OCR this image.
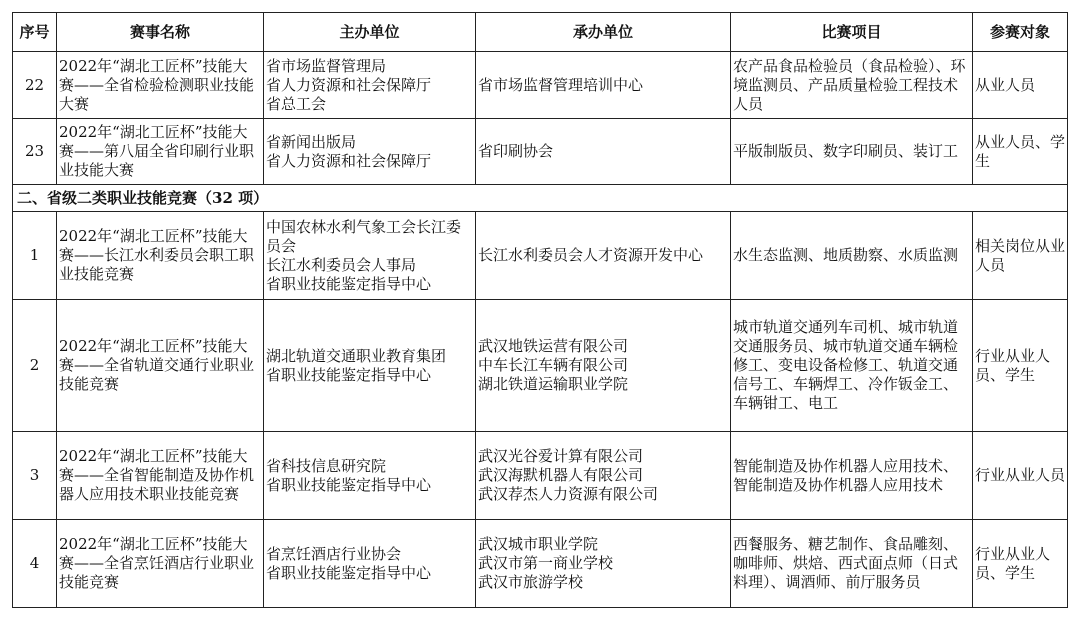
序号	赛事名称	主办单位	承办单位	比赛项目	参赛对象
22	2022年“湖北工匠杯”技能大赛——全省检验检测职业技能大赛	省市场监督管理局
省人力资源和社会保障厅
省总工会	省市场监督管理培训中心	农产品食品检验员（食品检验）、环境监测员、产品质量检验工程技术人员	从业人员
23	2022年“湖北工匠杯”技能大赛——第八届全省印刷行业职业技能大赛	省新闻出版局
省人力资源和社会保障厅	省印刷协会	平版制版员、数字印刷员、装订工	从业人员、学生
二、省级二类职业技能竞赛（32 项）					
1	2022年“湖北工匠杯”技能大赛——长江水利委员会职工职业技能竞赛	中国农林水利气象工会长江委员会
长江水利委员会人事局
省职业技能鉴定指导中心	长江水利委员会人才资源开发中心	水生态监测、地质勘察、水质监测	相关岗位从业人员
2	2022年“湖北工匠杯”技能大赛——全省轨道交通行业职业技能竞赛	湖北轨道交通职业教育集团
省职业技能鉴定指导中心	武汉地铁运营有限公司
中车长江车辆有限公司
湖北铁道运输职业学院	城市轨道交通列车司机、城市轨道交通服务员、城市轨道交通车辆检修工、变电设备检修工、轨道交通信号工、车辆焊工、冷作钣金工、车辆钳工、电工	行业从业人员、学生
3	2022年“湖北工匠杯”技能大赛——全省智能制造及协作机器人应用技术职业技能竞赛	省科技信息研究院
省职业技能鉴定指导中心	武汉光谷爱计算有限公司
武汉海默机器人有限公司
武汉荐杰人力资源有限公司	智能制造及协作机器人应用技术、智能制造及协作机器人应用技术	行业从业人员
4	2022年“湖北工匠杯”技能大赛——全省烹饪酒店行业职业技能竞赛	省烹饪酒店行业协会
省职业技能鉴定指导中心	武汉城市职业学院
武汉市第一商业学校
武汉市旅游学校	西餐服务、糖艺制作、食品雕刻、咖啡师、烘焙、西式面点师（日式料理）、调酒师、前厅服务员	行业从业人员、学生
